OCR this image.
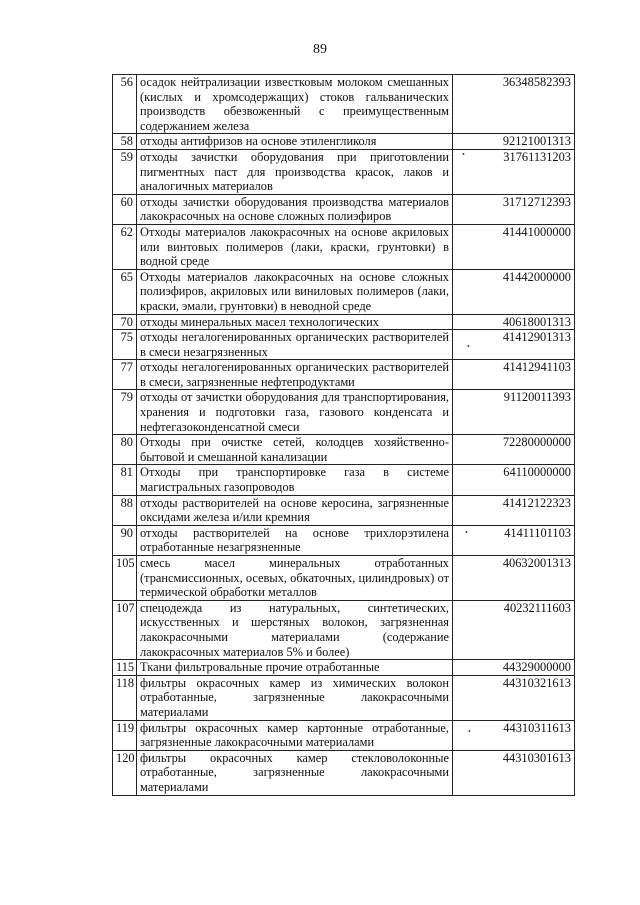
89
56	осадок нейтрализации известковым молоком смешанных (кислых и хромсодержащих) стоков гальванических производств обезвоженный с преимущественным содержанием железа	36348582393
58	отходы антифризов на основе этиленгликоля	92121001313
59	отходы зачистки оборудования при приготовлении пигментных паст для производства красок, лаков и аналогичных материалов	31761131203
60	отходы зачистки оборудования производства материалов лакокрасочных на основе сложных полиэфиров	31712712393
62	Отходы материалов лакокрасочных на основе акриловых или винтовых полимеров (лаки, краски, грунтовки) в водной среде	41441000000
65	Отходы материалов лакокрасочных на основе сложных полиэфиров, акриловых или виниловых полимеров (лаки, краски, эмали, грунтовки) в неводной среде	41442000000
70	отходы минеральных масел технологических	40618001313
75	отходы негалогенированных органических растворителей в смеси незагрязненных	41412901313
77	отходы негалогенированных органических растворителей в смеси, загрязненные нефтепродуктами	41412941103
79	отходы от зачистки оборудования для транспортирования, хранения и подготовки газа, газового конденсата и нефтегазоконденсатной смеси	91120011393
80	Отходы при очистке сетей, колодцев хозяйственно-бытовой и смешанной канализации	72280000000
81	Отходы при транспортировке газа в системе магистральных газопроводов	64110000000
88	отходы растворителей на основе керосина, загрязненные оксидами железа и/или кремния	41412122323
90	отходы растворителей на основе трихлорэтилена отработанные незагрязненные	41411101103
105	смесь масел минеральных отработанных (трансмиссионных, осевых, обкаточных, цилиндровых) от термической обработки металлов	40632001313
107	спецодежда из натуральных, синтетических, искусственных и шерстяных волокон, загрязненная лакокрасочными материалами (содержание лакокрасочных материалов 5% и более)	40232111603
115	Ткани фильтровальные прочие отработанные	44329000000
118	фильтры окрасочных камер из химических волокон отработанные, загрязненные лакокрасочными материалами	44310321613
119	фильтры окрасочных камер картонные отработанные, загрязненные лакокрасочными материалами	44310311613
120	фильтры окрасочных камер стекловолоконные отработанные, загрязненные лакокрасочными материалами	44310301613
•
•
•
•
